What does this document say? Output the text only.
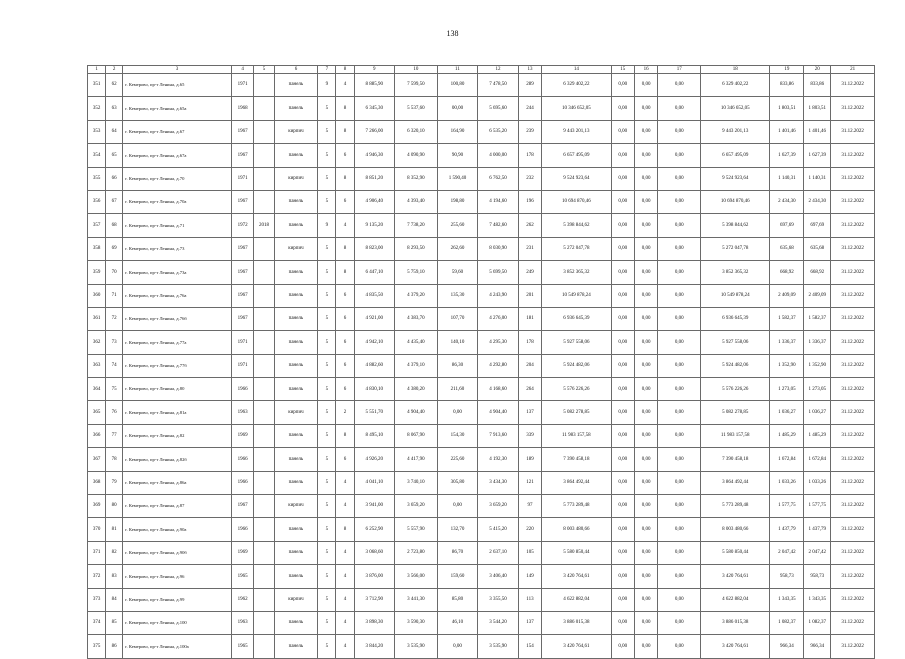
138
1	2	3	4	5	6	7	8	9	10	11	12	13	14	15	16	17	18	19	20	21
351	62	г. Кемерово, пр-т Ленина, д.65	1971		панель	9	4	8 885,90	7 599,50	100,80	7 478,50	289	6 329 402,22	0,00	0,00	0,00	6 329 402,22	833,86	833,86	31.12.2022
352	63	г. Кемерово, пр-т Ленина, д.65а	1968		панель	5	8	6 345,30	5 537,60	00,00	5 695,60	244	10 346 652,05	0,00	0,00	0,00	10 346 652,05	1 803,51	1 803,51	31.12.2022
353	64	г. Кемерово, пр-т Ленина, д.67	1967		кирпич	5	8	7 266,00	6 320,10	164,90	6 535,20	239	9 443 201,13	0,00	0,00	0,00	9 443 201,13	1 401,46	1 401,46	31.12.2022
354	65	г. Кемерово, пр-т Ленина, д.67а	1967		панель	5	6	4 946,30	4 090,90	90,90	4 000,00	178	6 657 495,09	0,00	0,00	0,00	6 657 495,09	1 627,39	1 627,39	31.12.2022
355	66	г. Кемерово, пр-т Ленина, д.70	1971		кирпич	5	8	8 851,20	8 352,90	1 590,40	6 762,50	232	9 524 923,64	0,00	0,00	0,00	9 524 923,64	1 140,31	1 140,31	31.12.2022
356	67	г. Кемерово, пр-т Ленина, д.70а	1967		панель	5	6	4 906,40	4 393,40	198,80	4 194,60	196	10 694 870,46	0,00	0,00	0,00	10 694 870,46	2 434,30	2 434,30	31.12.2022
357	68	г. Кемерово, пр-т Ленина, д.71	1972	2018	панель	9	4	9 135,20	7 738,20	255,60	7 482,60	262	5 398 844,62	0,00	0,00	0,00	5 398 844,62	697,69	697,69	31.12.2022
358	69	г. Кемерово, пр-т Ленина, д.73	1967		кирпич	5	8	8 823,00	8 293,50	262,60	8 030,90	231	5 272 047,78	0,00	0,00	0,00	5 272 047,78	635,68	635,68	31.12.2022
359	70	г. Кемерово, пр-т Ленина, д.73а	1967		панель	5	8	6 447,10	5 759,10	59,60	5 699,50	249	3 852 365,32	0,00	0,00	0,00	3 852 365,32	668,92	668,92	31.12.2022
360	71	г. Кемерово, пр-т Ленина, д.76а	1967		панель	5	6	4 835,50	4 379,20	135,30	4 243,90	201	10 549 878,24	0,00	0,00	0,00	10 549 878,24	2 409,09	2 409,09	31.12.2022
361	72	г. Кемерово, пр-т Ленина, д.76б	1967		панель	5	6	4 921,00	4 383,70	107,70	4 276,00	181	6 936 645,39	0,00	0,00	0,00	6 936 645,39	1 582,37	1 582,37	31.12.2022
362	73	г. Кемерово, пр-т Ленина, д.77а	1971		панель	5	6	4 942,10	4 435,40	140,10	4 295,30	178	5 927 558,06	0,00	0,00	0,00	5 927 558,06	1 336,37	1 336,37	31.12.2022
363	74	г. Кемерово, пр-т Ленина, д.77б	1971		панель	5	6	4 882,60	4 379,10	86,30	4 292,80	204	5 924 482,06	0,00	0,00	0,00	5 924 482,06	1 352,90	1 352,90	31.12.2022
364	75	г. Кемерово, пр-т Ленина, д.80	1966		панель	5	6	4 830,10	4 380,20	211,60	4 168,60	264	5 576 226,26	0,00	0,00	0,00	5 576 226,26	1 273,05	1 273,05	31.12.2022
365	76	г. Кемерово, пр-т Ленина, д.81а	1963		кирпич	5	2	5 551,70	4 904,40	0,00	4 904,40	137	5 082 278,85	0,00	0,00	0,00	5 082 278,85	1 036,27	1 036,27	31.12.2022
366	77	г. Кемерово, пр-т Ленина, д.82	1969		панель	5	8	8 495,10	8 067,90	154,30	7 913,60	339	11 983 157,58	0,00	0,00	0,00	11 983 157,58	1 485,29	1 485,29	31.12.2022
367	78	г. Кемерово, пр-т Ленина, д.82б	1966		панель	5	6	4 926,20	4 417,90	225,60	4 192,30	189	7 390 458,18	0,00	0,00	0,00	7 390 458,18	1 672,84	1 672,84	31.12.2022
368	79	г. Кемерово, пр-т Ленина, д.86а	1966		панель	5	4	4 041,10	3 740,10	305,80	3 434,30	121	3 864 492,44	0,00	0,00	0,00	3 864 492,44	1 033,26	1 033,26	31.12.2022
369	80	г. Кемерово, пр-т Ленина, д.87	1967		кирпич	5	4	3 941,00	3 659,20	0,00	3 659,20	97	5 773 289,48	0,00	0,00	0,00	5 773 289,48	1 577,75	1 577,75	31.12.2022
370	81	г. Кемерово, пр-т Ленина, д.90а	1966		панель	5	8	6 252,90	5 557,90	132,70	5 415,20	220	8 003 480,66	0,00	0,00	0,00	8 003 480,66	1 437,79	1 437,79	31.12.2022
371	82	г. Кемерово, пр-т Ленина, д.90б	1969		панель	5	4	3 068,60	2 723,80	86,70	2 637,10	105	5 580 850,44	0,00	0,00	0,00	5 580 850,44	2 047,42	2 047,42	31.12.2022
372	83	г. Кемерово, пр-т Ленина, д.96	1965		панель	5	4	3 876,00	3 566,00	159,60	3 406,40	149	3 420 764,61	0,00	0,00	0,00	3 420 764,61	958,73	958,73	31.12.2022
373	84	г. Кемерово, пр-т Ленина, д.99	1962		кирпич	5	4	3 712,90	3 441,30	85,80	3 355,50	113	4 622 882,04	0,00	0,00	0,00	4 622 882,04	1 343,35	1 343,35	31.12.2022
374	85	г. Кемерово, пр-т Ленина, д.100	1963		панель	5	4	3 898,30	3 590,30	46,10	3 544,20	137	3 886 015,38	0,00	0,00	0,00	3 886 015,38	1 082,37	1 082,37	31.12.2022
375	86	г. Кемерово, пр-т Ленина, д.100а	1965		панель	5	4	3 844,20	3 535,90	0,00	3 535,90	154	3 420 764,61	0,00	0,00	0,00	3 420 764,61	966,34	966,34	31.12.2022
